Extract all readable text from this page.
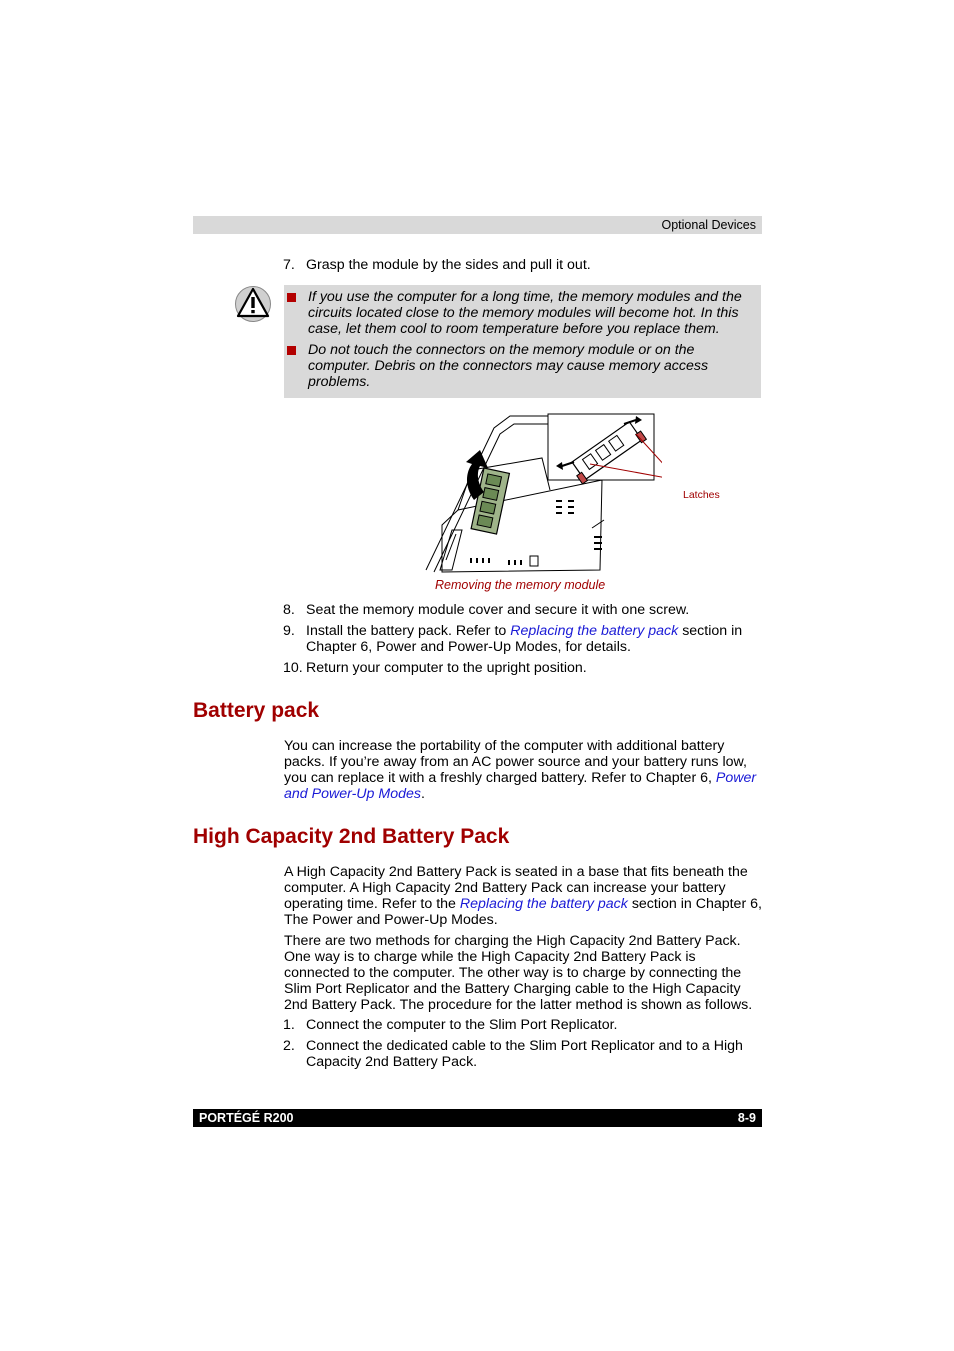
Optional Devices
7. Grasp the module by the sides and pull it out.
If you use the computer for a long time, the memory modules and the circuits located close to the memory modules will become hot. In this case, let them cool to room temperature before you replace them.
Do not touch the connectors on the memory module or on the computer. Debris on the connectors may cause memory access problems.
Latches
Removing the memory module
8. Seat the memory module cover and secure it with one screw.
9. Install the battery pack. Refer to Replacing the battery pack section in Chapter 6, Power and Power-Up Modes, for details.
10. Return your computer to the upright position.
Battery pack
You can increase the portability of the computer with additional battery packs. If you’re away from an AC power source and your battery runs low, you can replace it with a freshly charged battery. Refer to Chapter 6, Power and Power-Up Modes.
High Capacity 2nd Battery Pack
A High Capacity 2nd Battery Pack is seated in a base that fits beneath the computer. A High Capacity 2nd Battery Pack can increase your battery operating time. Refer to the Replacing the battery pack section in Chapter 6, The Power and Power-Up Modes.
There are two methods for charging the High Capacity 2nd Battery Pack. One way is to charge while the High Capacity 2nd Battery Pack is connected to the computer. The other way is to charge by connecting the Slim Port Replicator and the Battery Charging cable to the High Capacity 2nd Battery Pack. The procedure for the latter method is shown as follows.
1. Connect the computer to the Slim Port Replicator.
2. Connect the dedicated cable to the Slim Port Replicator and to a High Capacity 2nd Battery Pack.
PORTÉGÉ R200	8-9
